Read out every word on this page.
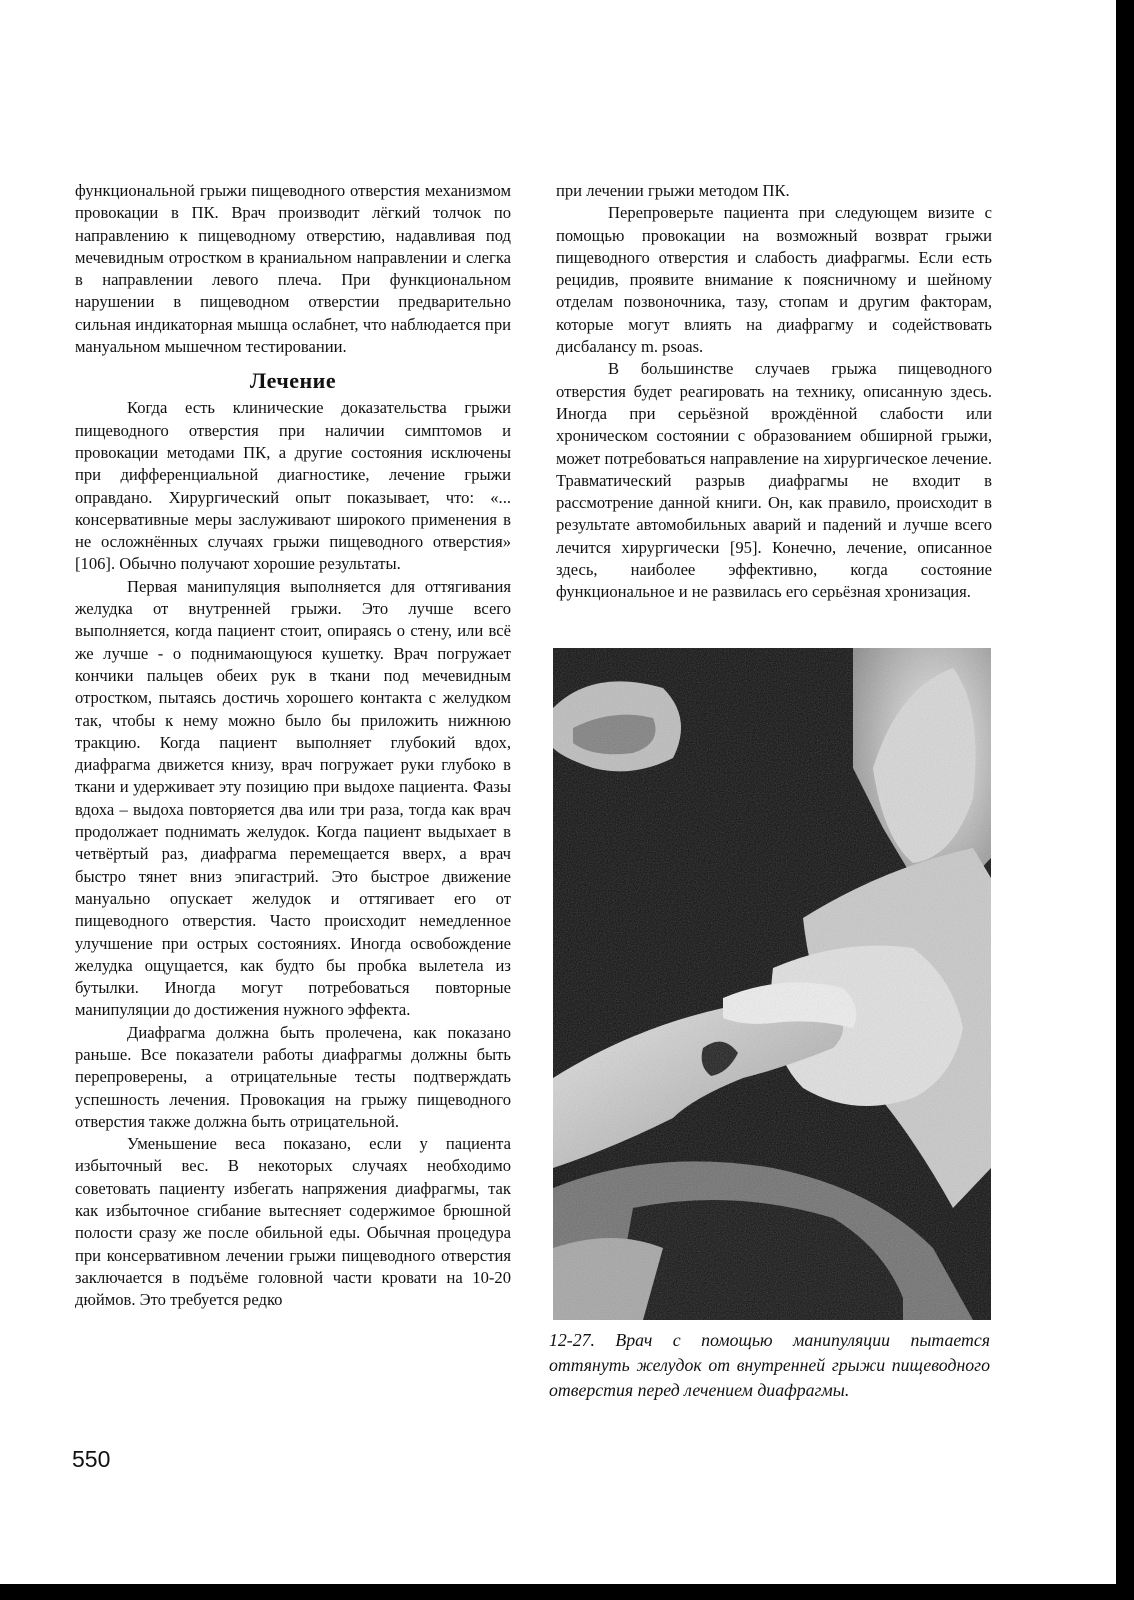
функциональной грыжи пищеводного отверстия механизмом провокации в ПК. Врач производит лёгкий толчок по направлению к пищеводному отверстию, надавливая под мечевидным отростком в краниальном направлении и слегка в направлении левого плеча. При функциональном нарушении в пищеводном отверстии предварительно сильная индикаторная мышца ослабнет, что наблюдается при мануальном мышечном тестировании.

Лечение

Когда есть клинические доказательства грыжи пищеводного отверстия при наличии симптомов и провокации методами ПК, а другие состояния исключены при дифференциальной диагностике, лечение грыжи оправдано. Хирургический опыт показывает, что: «... консервативные меры заслуживают широкого применения в не осложнённых случаях грыжи пищеводного отверстия» [106]. Обычно получают хорошие результаты.

Первая манипуляция выполняется для оттягивания желудка от внутренней грыжи. Это лучше всего выполняется, когда пациент стоит, опираясь о стену, или всё же лучше - о поднимающуюся кушетку. Врач погружает кончики пальцев обеих рук в ткани под мечевидным отростком, пытаясь достичь хорошего контакта с желудком так, чтобы к нему можно было бы приложить нижнюю тракцию. Когда пациент выполняет глубокий вдох, диафрагма движется книзу, врач погружает руки глубоко в ткани и удерживает эту позицию при выдохе пациента. Фазы вдоха – выдоха повторяется два или три раза, тогда как врач продолжает поднимать желудок. Когда пациент выдыхает в четвёртый раз, диафрагма перемещается вверх, а врач быстро тянет вниз эпигастрий. Это быстрое движение мануально опускает желудок и оттягивает его от пищеводного отверстия. Часто происходит немедленное улучшение при острых состояниях. Иногда освобождение желудка ощущается, как будто бы пробка вылетела из бутылки. Иногда могут потребоваться повторные манипуляции до достижения нужного эффекта.

Диафрагма должна быть пролечена, как показано раньше. Все показатели работы диафрагмы должны быть перепроверены, а отрицательные тесты подтверждать успешность лечения. Провокация на грыжу пищеводного отверстия также должна быть отрицательной.

Уменьшение веса показано, если у пациента избыточный вес. В некоторых случаях необходимо советовать пациенту избегать напряжения диафрагмы, так как избыточное сгибание вытесняет содержимое брюшной полости сразу же после обильной еды. Обычная процедура при консервативном лечении грыжи пищеводного отверстия заключается в подъёме головной части кровати на 10-20 дюймов. Это требуется редко

при лечении грыжи методом ПК.

Перепроверьте пациента при следующем визите с помощью провокации на возможный возврат грыжи пищеводного отверстия и слабость диафрагмы. Если есть рецидив, проявите внимание к поясничному и шейному отделам позвоночника, тазу, стопам и другим факторам, которые могут влиять на диафрагму и содействовать дисбалансу m. psoas.

В большинстве случаев грыжа пищеводного отверстия будет реагировать на технику, описанную здесь. Иногда при серьёзной врождённой слабости или хроническом состоянии с образованием обширной грыжи, может потребоваться направление на хирургическое лечение. Травматический разрыв диафрагмы не входит в рассмотрение данной книги. Он, как правило, происходит в результате автомобильных аварий и падений и лучше всего лечится хирургически [95]. Конечно, лечение, описанное здесь, наиболее эффективно, когда состояние функциональное и не развилась его серьёзная хронизация.

12-27. Врач с помощью манипуляции пытается оттянуть желудок от внутренней грыжи пищеводного отверстия перед лечением диафрагмы.
550
